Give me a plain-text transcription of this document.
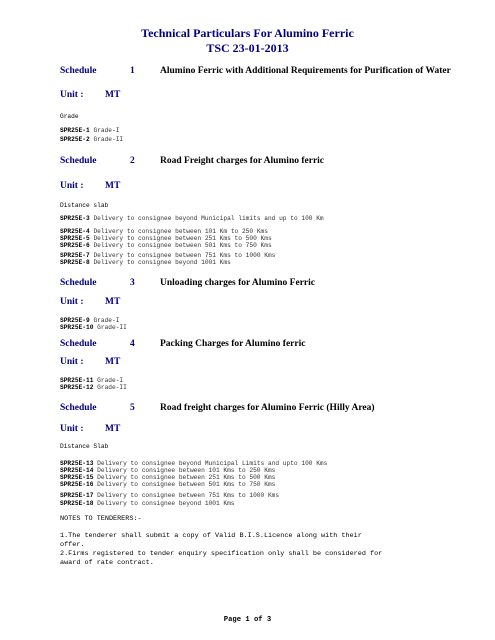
Technical Particulars For Alumino Ferric
TSC 23-01-2013
Schedule	1	Alumino Ferric with Additional Requirements for Purification of Water
Unit : MT
Grade
SPR25E-1 Grade-I
SPR25E-2 Grade-II
Schedule	2	Road Freight charges for Alumino ferric
Unit : MT
Distance slab
SPR25E-3 Delivery to consignee beyond Municipal limits and up to 100 Km
SPR25E-4 Delivery to consignee between 101 Km to 250 Kms
SPR25E-5 Delivery to consignee between 251 Kms to 500 Kms
SPR25E-6 Delivery to consignee between 501 Kms to 750 Kms
SPR25E-7 Delivery to consignee between 751 Kms to 1000 Kms
SPR25E-8 Delivery to consignee beyond 1001 Kms
Schedule	3	Unloading charges for Alumino Ferric
Unit : MT
SPR25E-9 Grade-I
SPR25E-10 Grade-II
Schedule	4	Packing Charges for Alumino ferric
Unit : MT
SPR25E-11 Grade-I
SPR25E-12 Grade-II
Schedule	5	Road freight charges for Alumino Ferric (Hilly Area)
Unit : MT
Distance Slab
SPR25E-13 Delivery to consignee beyond Municipal Limits and upto 100 Kms
SPR25E-14 Delivery to consignee between 101 Kms to 250 Kms
SPR25E-15 Delivery to consignee between 251 Kms to 500 Kms
SPR25E-16 Delivery to consignee between 501 Kms to 750 Kms
SPR25E-17 Delivery to consignee between 751 Kms to 1000 Kms
SPR25E-18 Delivery to consignee beyond 1001 Kms
NOTES TO TENDERERS:-
1.The tenderer shall submit a copy of Valid B.I.S.Licence along with their
offer.
2.Firms registered to tender enquiry specification only shall be considered for
award of rate contract.
Page 1 of 3
